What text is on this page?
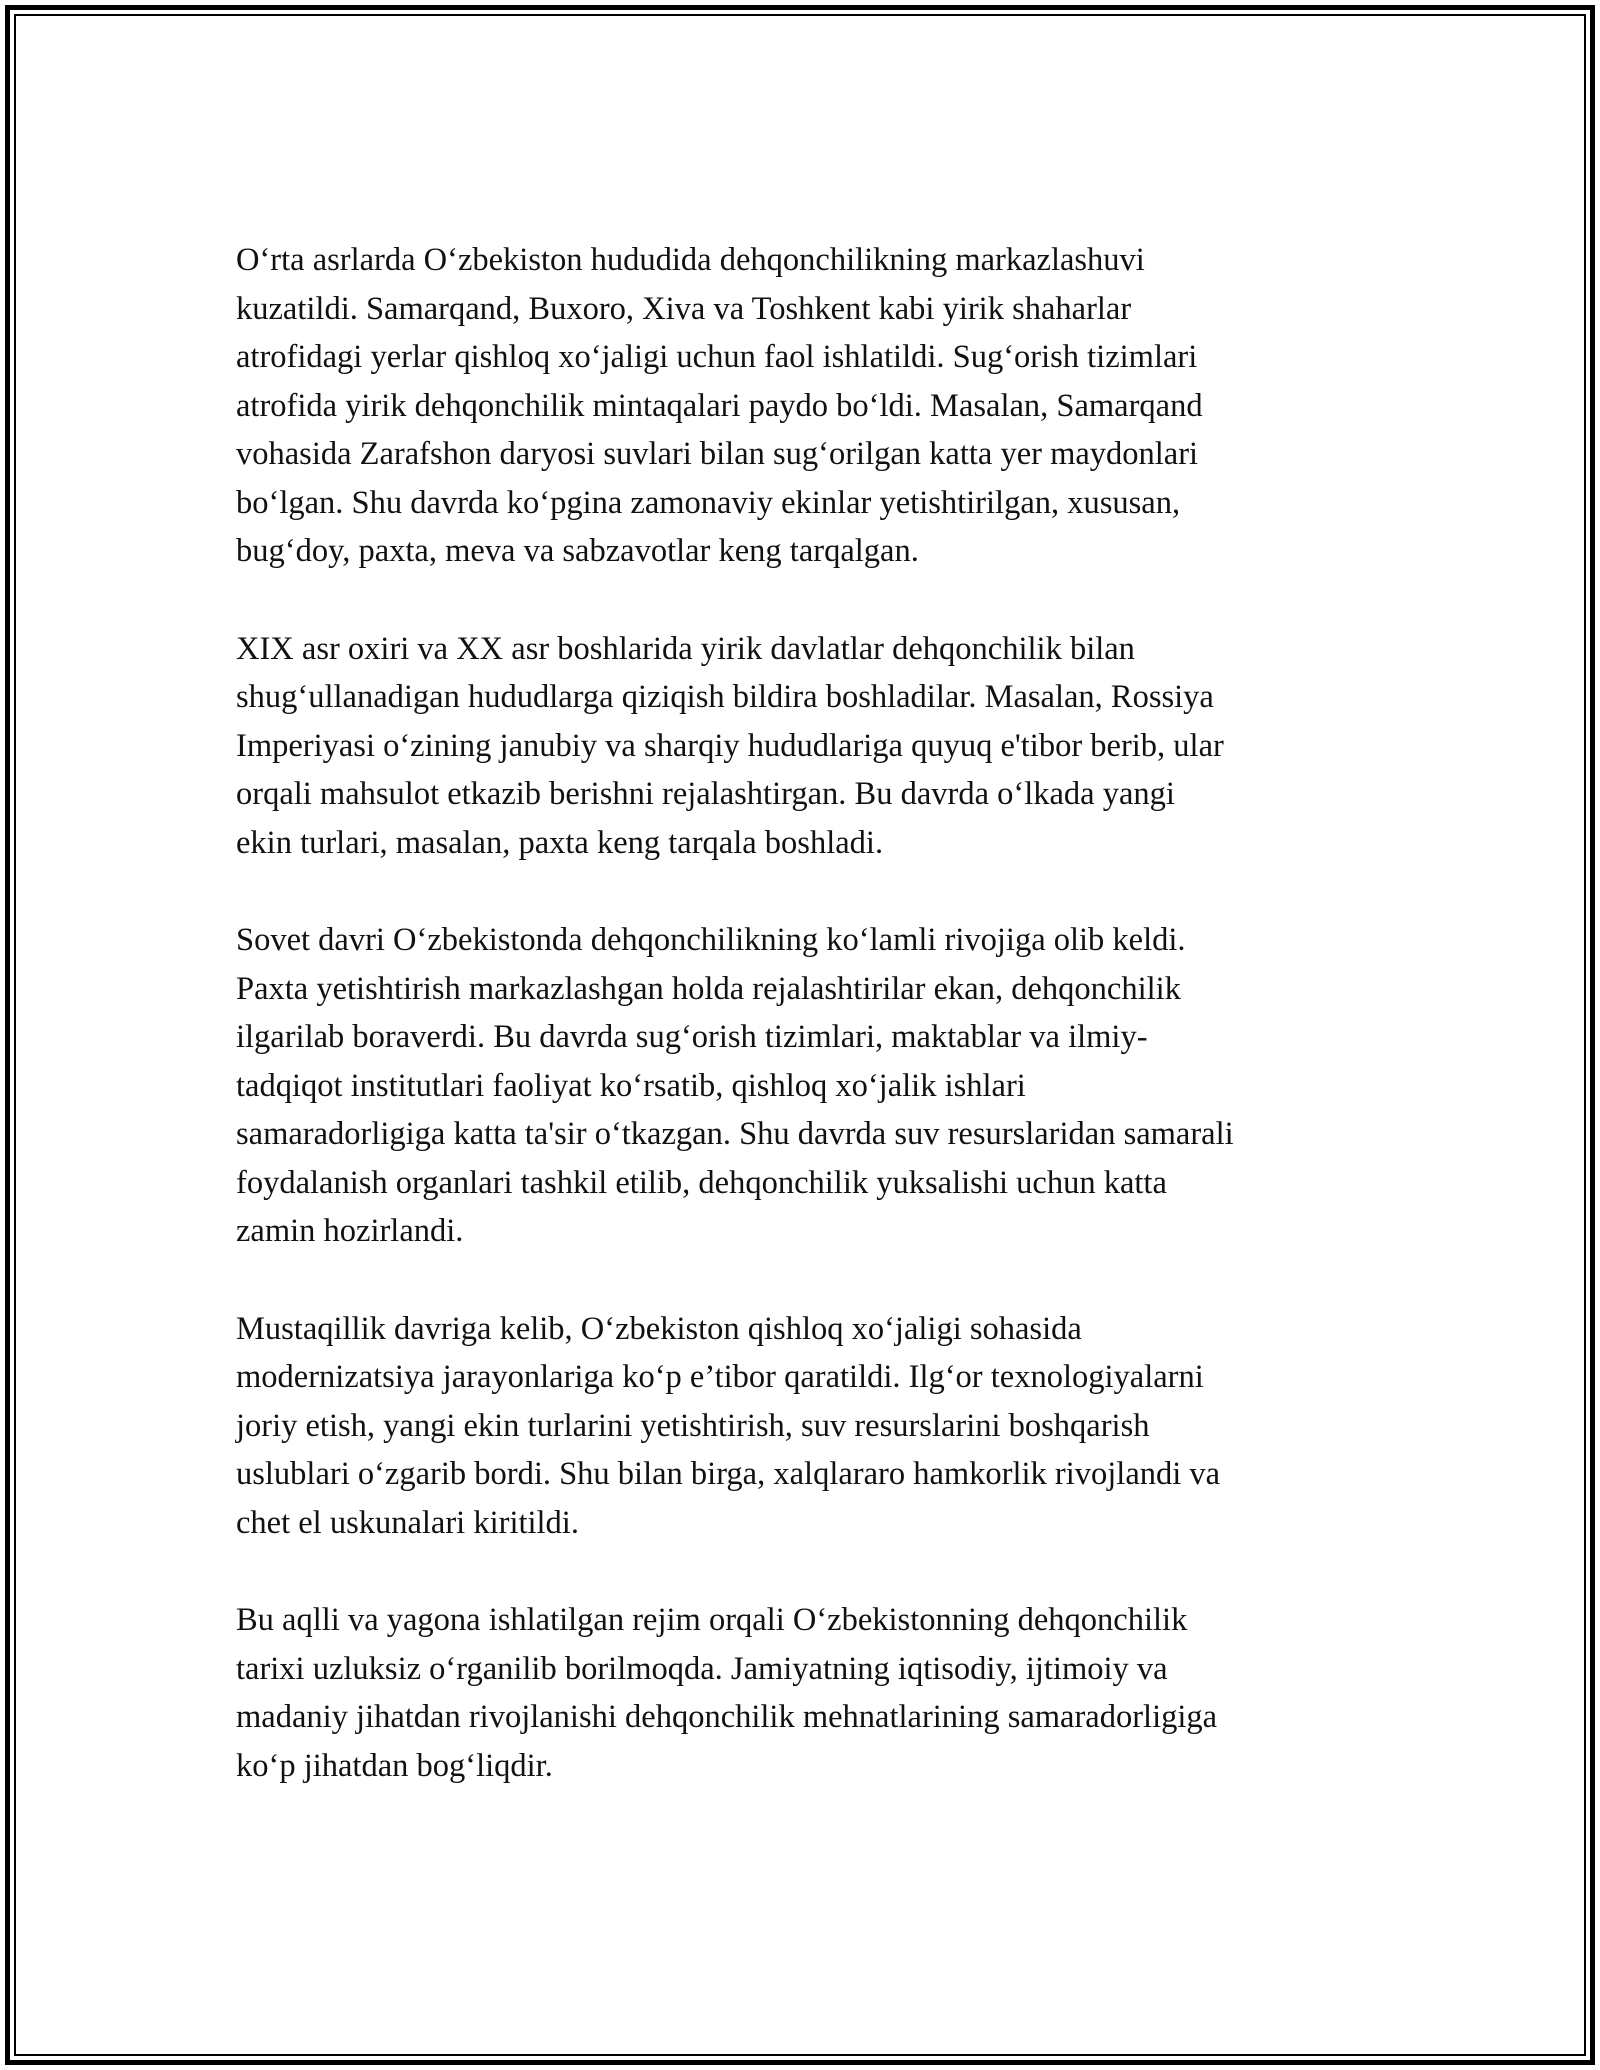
O‘rta asrlarda O‘zbekiston hududida dehqonchilikning markazlashuvi
kuzatildi. Samarqand, Buxoro, Xiva va Toshkent kabi yirik shaharlar
atrofidagi yerlar qishloq xo‘jaligi uchun faol ishlatildi. Sug‘orish tizimlari
atrofida yirik dehqonchilik mintaqalari paydo bo‘ldi. Masalan, Samarqand
vohasida Zarafshon daryosi suvlari bilan sug‘orilgan katta yer maydonlari
bo‘lgan. Shu davrda ko‘pgina zamonaviy ekinlar yetishtirilgan, xususan,
bug‘doy, paxta, meva va sabzavotlar keng tarqalgan.

XIX asr oxiri va XX asr boshlarida yirik davlatlar dehqonchilik bilan
shug‘ullanadigan hududlarga qiziqish bildira boshladilar. Masalan, Rossiya
Imperiyasi o‘zining janubiy va sharqiy hududlariga quyuq e'tibor berib, ular
orqali mahsulot etkazib berishni rejalashtirgan. Bu davrda o‘lkada yangi
ekin turlari, masalan, paxta keng tarqala boshladi.

Sovet davri O‘zbekistonda dehqonchilikning ko‘lamli rivojiga olib keldi.
Paxta yetishtirish markazlashgan holda rejalashtirilar ekan, dehqonchilik
ilgarilab boraverdi. Bu davrda sug‘orish tizimlari, maktablar va ilmiy-
tadqiqot institutlari faoliyat ko‘rsatib, qishloq xo‘jalik ishlari
samaradorligiga katta ta'sir o‘tkazgan. Shu davrda suv resurslaridan samarali
foydalanish organlari tashkil etilib, dehqonchilik yuksalishi uchun katta
zamin hozirlandi.

Mustaqillik davriga kelib, O‘zbekiston qishloq xo‘jaligi sohasida
modernizatsiya jarayonlariga ko‘p e’tibor qaratildi. Ilg‘or texnologiyalarni
joriy etish, yangi ekin turlarini yetishtirish, suv resurslarini boshqarish
uslublari o‘zgarib bordi. Shu bilan birga, xalqlararo hamkorlik rivojlandi va
chet el uskunalari kiritildi.

Bu aqlli va yagona ishlatilgan rejim orqali O‘zbekistonning dehqonchilik
tarixi uzluksiz o‘rganilib borilmoqda. Jamiyatning iqtisodiy, ijtimoiy va
madaniy jihatdan rivojlanishi dehqonchilik mehnatlarining samaradorligiga
ko‘p jihatdan bog‘liqdir.
